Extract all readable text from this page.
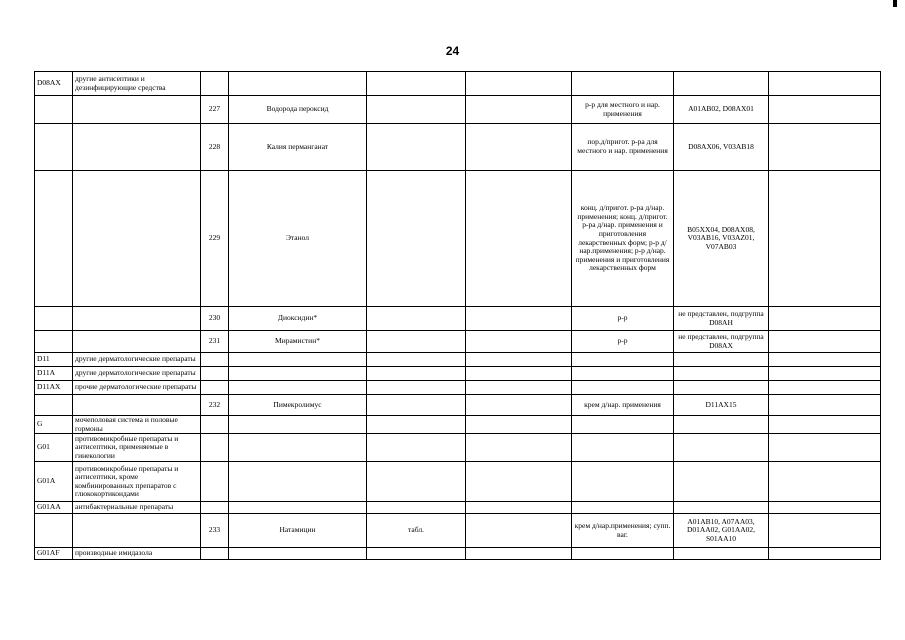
24
D08AX	другие антисептики и дезинфицирующие средства							
		227	Водорода пероксид			р-р для местного и нар. применения	A01AB02, D08AX01	
		228	Калия перманганат			пор.д/пригот. р-ра для местного и нар. применения	D08AX06, V03AB18	
		229	Этанол			конц. д/пригот. р-ра д/нар. применения; конц. д/пригот. р-ра д/нар. применения и приготовления лекарственных форм; р-р д/нар.применения; р-р д/нар. применения и приготовления лекарственных форм	B05XX04, D08AX08, V03AB16, V03AZ01, V07AB03	
		230	Диоксидин*			р-р	не представлен, подгруппа D08AH	
		231	Мирамистин*			р-р	не представлен, подгруппа D08AX	
D11	другие дерматологические препараты							
D11A	другие дерматологические препараты							
D11AX	прочие дерматологические препараты							
		232	Пимекролимус			крем д/нар. применения	D11AX15	
G	мочеполовая система и половые гормоны							
G01	противомикробные препараты и антисептики, применяемые в гинекологии							
G01A	противомикробные препараты и антисептики, кроме комбинированных препаратов с глюкокортикоидами							
G01AA	антибактериальные препараты							
		233	Натамицин	табл.		крем д/нар.применения; супп. ваг.	A01AB10, A07AA03, D01AA02, G01AA02, S01AA10	
G01AF	производные имидазола							
